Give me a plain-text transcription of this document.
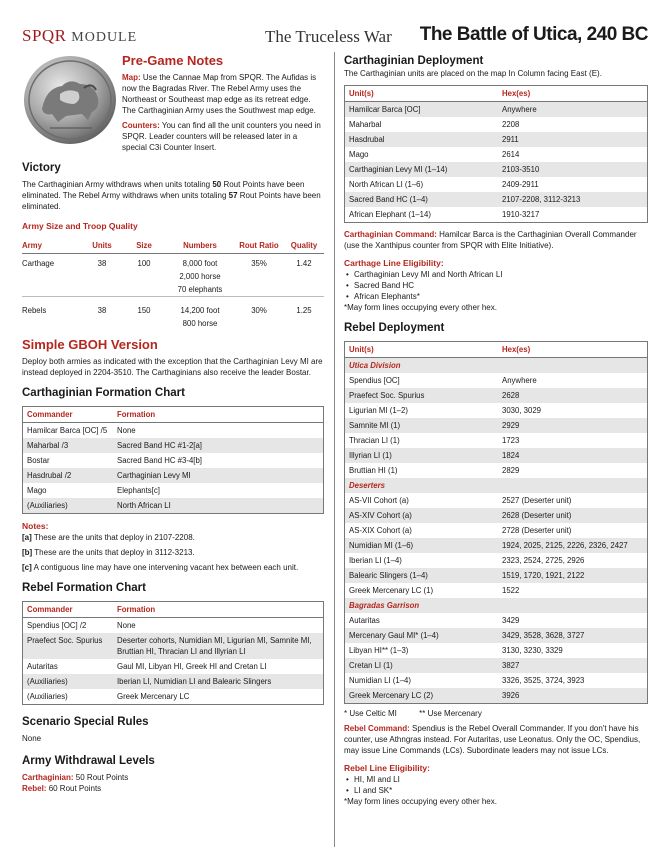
SPQR MODULE	The Truceless War The Battle of Utica, 240 BC
Pre-Game Notes

Map: Use the Cannae Map from SPQR. The Aufidas is now the Bagradas River. The Rebel Army uses the Northeast or Southeast map edge as its retreat edge. The Carthaginian Army uses the Southwest map edge.

Counters: You can find all the unit counters you need in SPQR. Leader counters will be released later in a special C3i Counter Insert.

Victory

The Carthaginian Army withdraws when units totaling 50 Rout Points have been eliminated. The Rebel Army withdraws when units totaling 57 Rout Points have been eliminated.

Army Size and Troop Quality
Army	Units	Size	Numbers	Rout Ratio	Quality
Carthage	38	100	8,000 foot	35%	1.42
			2,000 horse		
			70 elephants		
Rebels	38	150	14,200 foot	30%	1.25
			800 horse		
Simple GBOH Version

Deploy both armies as indicated with the exception that the Carthaginian Levy MI are instead deployed in 2204-3510. The Carthaginians also receive the leader Bostar.

Carthaginian Formation Chart
Commander	Formation
Hamilcar Barca [OC] /5	None
Maharbal /3	Sacred Band HC #1-2[a]
Bostar	Sacred Band HC #3-4[b]
Hasdrubal /2	Carthaginian Levy MI
Mago	Elephants[c]
(Auxiliaries)	North African LI
Notes:

[a] These are the units that deploy in 2107-2208.

[b] These are the units that deploy in 3112-3213.

[c] A contiguous line may have one intervening vacant hex between each unit.

Rebel Formation Chart
Commander	Formation
Spendius [OC] /2	None
Praefect Soc. Spurius	Deserter cohorts, Numidian MI, Ligurian MI, Samnite MI, Bruttian HI, Thracian LI and Illyrian LI
Autaritas	Gaul MI, Libyan HI, Greek HI and Cretan LI
(Auxiliaries)	Iberian LI, Numidian LI and Balearic Slingers
(Auxiliaries)	Greek Mercenary LC
Scenario Special Rules

None

Army Withdrawal Levels

Carthaginian: 50 Rout Points

Rebel: 60 Rout Points

Carthaginian Deployment

The Carthaginian units are placed on the map In Column facing East (E).

Unit(s)	Hex(es)
Hamilcar Barca [OC]	Anywhere
Maharbal	2208
Hasdrubal	2911
Mago	2614
Carthaginian Levy MI (1–14)	2103-3510
North African LI (1–6)	2409-2911
Sacred Band HC (1–4)	2107-2208, 3112-3213
African Elephant (1–14)	1910-3217

Carthaginian Command: Hamilcar Barca is the Carthaginian Overall Commander (use the Xanthipus counter from SPQR with Elite Initiative).

Carthage Line Eligibility:
• Carthaginian Levy MI and North African LI
• Sacred Band HC
• African Elephants*

*May form lines occupying every other hex.

Rebel Deployment
Unit(s)	Hex(es)
Utica Division	
Spendius [OC]	Anywhere
Praefect Soc. Spurius	2628
Ligurian MI (1–2)	3030, 3029
Samnite MI (1)	2929
Thracian LI (1)	1723
Illyrian LI (1)	1824
Bruttian HI (1)	2829
Deserters	
AS-VII Cohort (a)	2527 (Deserter unit)
AS-XIV Cohort (a)	2628 (Deserter unit)
AS-XIX Cohort (a)	2728 (Deserter unit)
Numidian MI (1–6)	1924, 2025, 2125, 2226, 2326, 2427
Iberian LI (1–4)	2323, 2524, 2725, 2926
Balearic Slingers (1–4)	1519, 1720, 1921, 2122
Greek Mercenary LC (1)	1522
Bagradas Garrison	
Autaritas	3429
Mercenary Gaul MI* (1–4)	3429, 3528, 3628, 3727
Libyan HI** (1–3)	3130, 3230, 3329
Cretan LI (1)	3827
Numidian LI (1–4)	3326, 3525, 3724, 3923
Greek Mercenary LC (2)	3926

* Use Celtic MI	** Use Mercenary

Rebel Command: Spendius is the Rebel Overall Commander. If you don't have his counter, use Athngras instead. For Autaritas, use Leonatus. Only the OC, Spendius, may issue Line Commands (LCs). Subordinate leaders may not issue LCs.

Rebel Line Eligibility:
• HI, MI and LI
• LI and SK*

*May form lines occupying every other hex.
